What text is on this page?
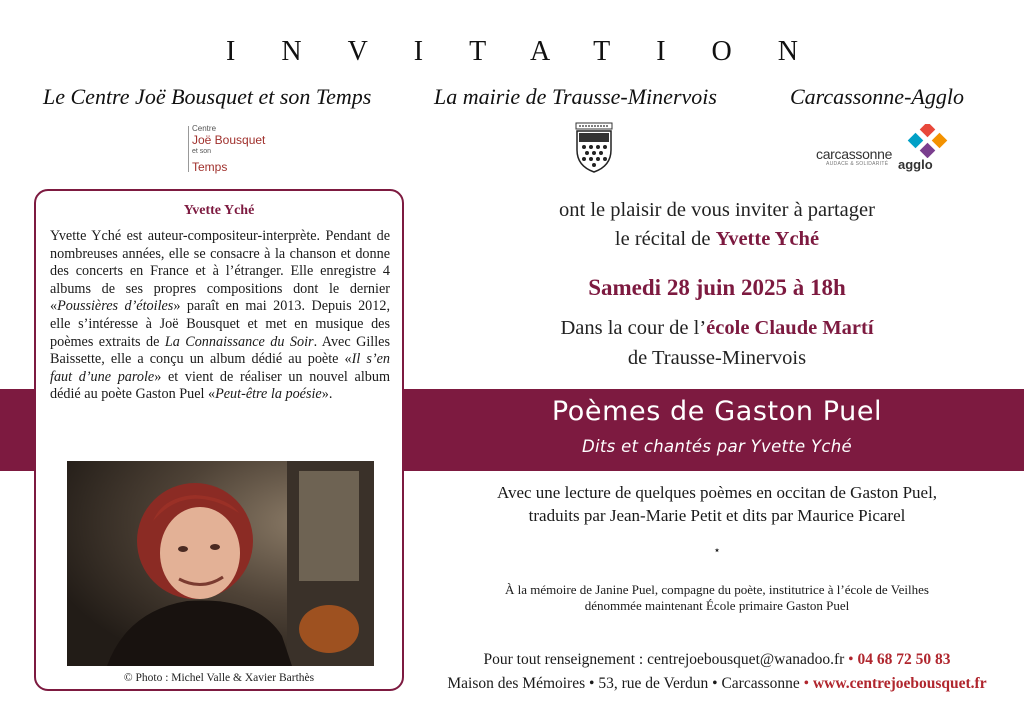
INVITATION
Le Centre Joë Bousquet et son Temps	La mairie de Trausse-Minervois	Carcassonne-Agglo
Centre
Joë Bousquet
et son
Temps
carcassonne
agglo
AUDACE & SOLIDARITÉ
Poèmes de Gaston Puel
Dits et chantés par Yvette Yché
Yvette Yché
Yvette Yché est auteur-compositeur-interprète. Pendant de nombreuses années, elle se consacre à la chanson et donne des concerts en France et à l’étranger. Elle enregistre 4 albums de ses propres compositions dont le dernier «Poussières d’étoiles» paraît en mai 2013. Depuis 2012, elle s’intéresse à Joë Bousquet et met en musique des poèmes extraits de La Connaissance du Soir. Avec Gilles Baissette, elle a conçu un album dédié au poète «Il s’en faut d’une parole» et vient de réaliser un nouvel album dédié au poète Gaston Puel «Peut-être la poésie».
© Photo : Michel Valle & Xavier Barthès
ont le plaisir de vous inviter à partager
le récital de Yvette Yché
Samedi 28 juin 2025 à 18h
Dans la cour de l’école Claude Martí
de Trausse-Minervois
Avec une lecture de quelques poèmes en occitan de Gaston Puel,
traduits par Jean-Marie Petit et dits par Maurice Picarel
⋆
À la mémoire de Janine Puel, compagne du poète, institutrice à l’école de Veilhes
dénommée maintenant École primaire Gaston Puel
Pour tout renseignement : centrejoebousquet@wanadoo.fr • 04 68 72 50 83
Maison des Mémoires • 53, rue de Verdun • Carcassonne • www.centrejoebousquet.fr
